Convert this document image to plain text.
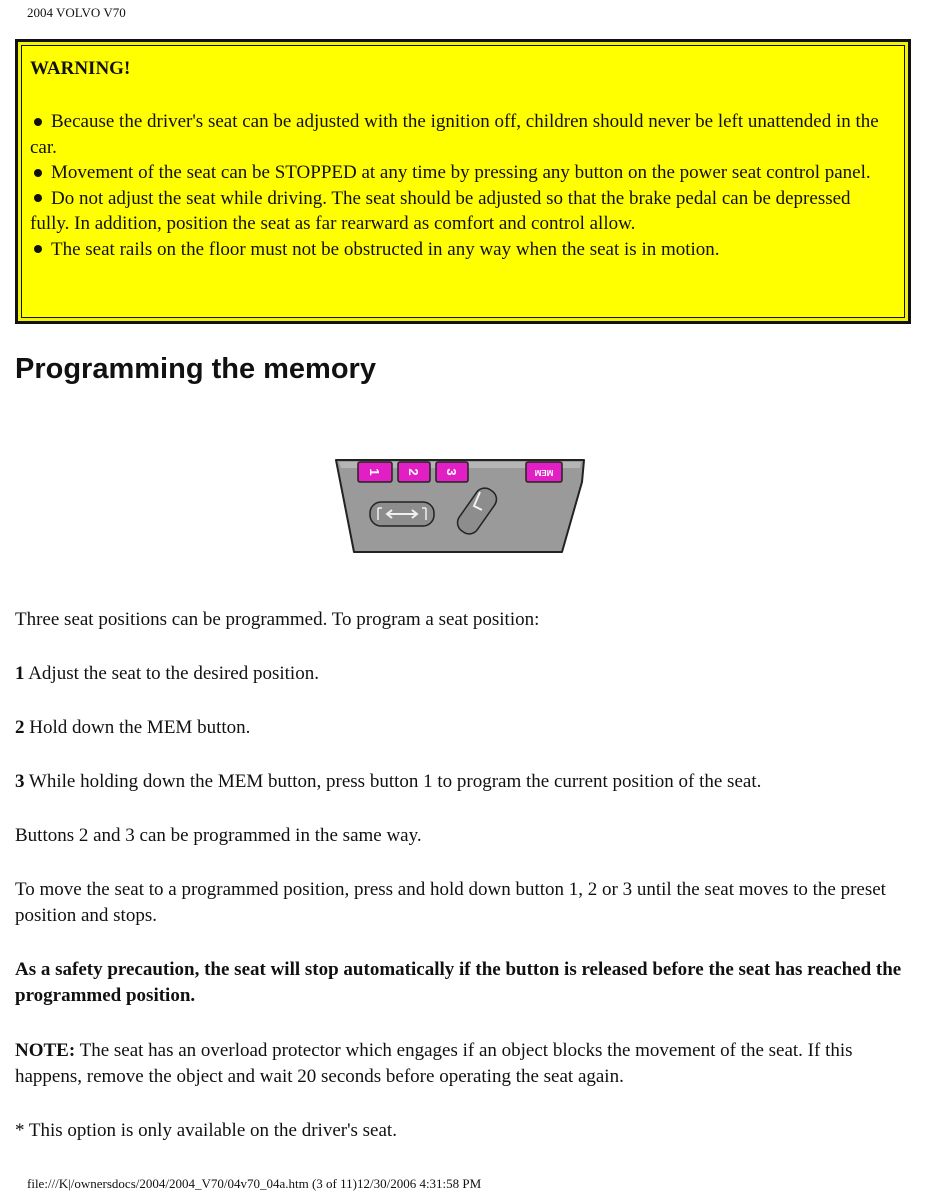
2004 VOLVO V70
WARNING!

Because the driver's seat can be adjusted with the ignition off, children should never be left unattended in the car.

Movement of the seat can be STOPPED at any time by pressing any button on the power seat control panel.

Do not adjust the seat while driving. The seat should be adjusted so that the brake pedal can be depressed fully. In addition, position the seat as far rearward as comfort and control allow.

The seat rails on the floor must not be obstructed in any way when the seat is in motion.

Programming the memory
1 2 3	MEM

Three seat positions can be programmed. To program a seat position:

1 Adjust the seat to the desired position.

2 Hold down the MEM button.

3 While holding down the MEM button, press button 1 to program the current position of the seat.

Buttons 2 and 3 can be programmed in the same way.

To move the seat to a programmed position, press and hold down button 1, 2 or 3 until the seat moves to the preset position and stops.

As a safety precaution, the seat will stop automatically if the button is released before the seat has reached the programmed position.

NOTE: The seat has an overload protector which engages if an object blocks the movement of the seat. If this happens, remove the object and wait 20 seconds before operating the seat again.

* This option is only available on the driver's seat.

file:///K|/ownersdocs/2004/2004_V70/04v70_04a.htm (3 of 11)12/30/2006 4:31:58 PM
